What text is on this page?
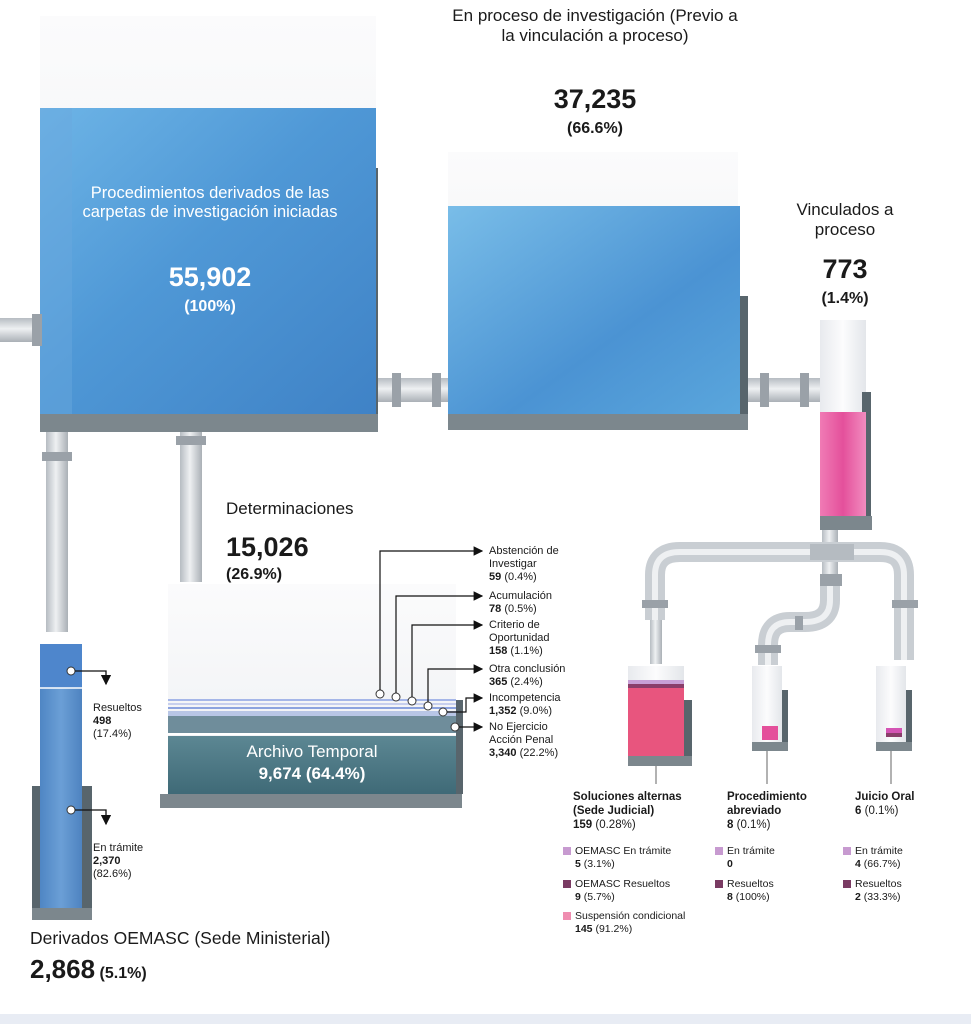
Procedimientos derivados de las carpetas de investigación iniciadas
55,902
(100%)
En proceso de investigación (Previo a la vinculación a proceso)
37,235
(66.6%)
Vinculados a proceso
773
(1.4%)
Determinaciones
15,026
(26.9%)
Archivo Temporal
9,674 (64.4%)
Abstención de Investigar
59 (0.4%)
Acumulación
78 (0.5%)
Criterio de Oportunidad
158 (1.1%)
Otra conclusión
365 (2.4%)
Incompetencia
1,352 (9.0%)
No Ejercicio Acción Penal
3,340 (22.2%)
Resueltos
498
(17.4%)
En trámite
2,370
(82.6%)
Derivados OEMASC (Sede Ministerial)
2,868 (5.1%)
Soluciones alternas (Sede Judicial)
159 (0.28%)
OEMASC En trámite
5 (3.1%)
OEMASC Resueltos
9 (5.7%)
Suspensión condicional
145 (91.2%)
Procedimiento abreviado
8 (0.1%)
En trámite
0
Resueltos
8 (100%)
Juicio Oral
6 (0.1%)
En trámite
4 (66.7%)
Resueltos
2 (33.3%)
